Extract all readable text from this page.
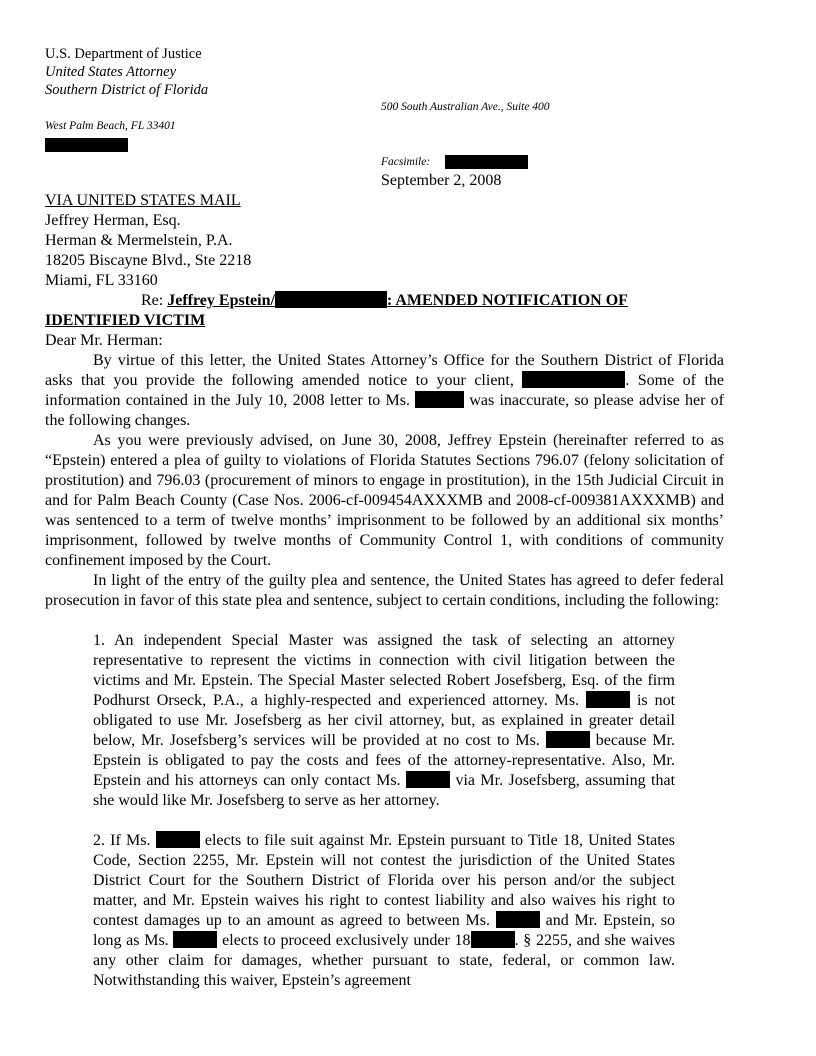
U.S. Department of Justice
United States Attorney
Southern District of Florida
500 South Australian Ave., Suite 400
West Palm Beach, FL 33401
Facsimile:
September 2, 2008
VIA UNITED STATES MAIL
Jeffrey Herman, Esq.
Herman & Mermelstein, P.A.
18205 Biscayne Blvd., Ste 2218
Miami, FL 33160
Re: Jeffrey Epstein/	: AMENDED NOTIFICATION OF
IDENTIFIED VICTIM
Dear Mr. Herman:
By virtue of this letter, the United States Attorney’s Office for the Southern District of Florida asks that you provide the following amended notice to your client,	. Some of the information contained in the July 10, 2008 letter to Ms.	was inaccurate, so please advise her of the following changes.
As you were previously advised, on June 30, 2008, Jeffrey Epstein (hereinafter referred to as “Epstein) entered a plea of guilty to violations of Florida Statutes Sections 796.07 (felony solicitation of prostitution) and 796.03 (procurement of minors to engage in prostitution), in the 15th Judicial Circuit in and for Palm Beach County (Case Nos. 2006-cf-009454AXXXMB and 2008-cf-009381AXXXMB) and was sentenced to a term of twelve months’ imprisonment to be followed by an additional six months’ imprisonment, followed by twelve months of Community Control 1, with conditions of community confinement imposed by the Court.
In light of the entry of the guilty plea and sentence, the United States has agreed to defer federal prosecution in favor of this state plea and sentence, subject to certain conditions, including the following:
1. An independent Special Master was assigned the task of selecting an attorney representative to represent the victims in connection with civil litigation between the victims and Mr. Epstein. The Special Master selected Robert Josefsberg, Esq. of the firm Podhurst Orseck, P.A., a highly-respected and experienced attorney. Ms.	is not obligated to use Mr. Josefsberg as her civil attorney, but, as explained in greater detail below, Mr. Josefsberg’s services will be provided at no cost to Ms.	because Mr. Epstein is obligated to pay the costs and fees of the attorney-representative. Also, Mr. Epstein and his attorneys can only contact Ms.	via Mr. Josefsberg, assuming that she would like Mr. Josefsberg to serve as her attorney.
2. If Ms.	elects to file suit against Mr. Epstein pursuant to Title 18, United States Code, Section 2255, Mr. Epstein will not contest the jurisdiction of the United States District Court for the Southern District of Florida over his person and/or the subject matter, and Mr. Epstein waives his right to contest liability and also waives his right to contest damages up to an amount as agreed to between Ms.	and Mr. Epstein, so long as Ms.	elects to proceed exclusively under 18	. § 2255, and she waives any other claim for damages, whether pursuant to state, federal, or common law. Notwithstanding this waiver, Epstein’s agreement
